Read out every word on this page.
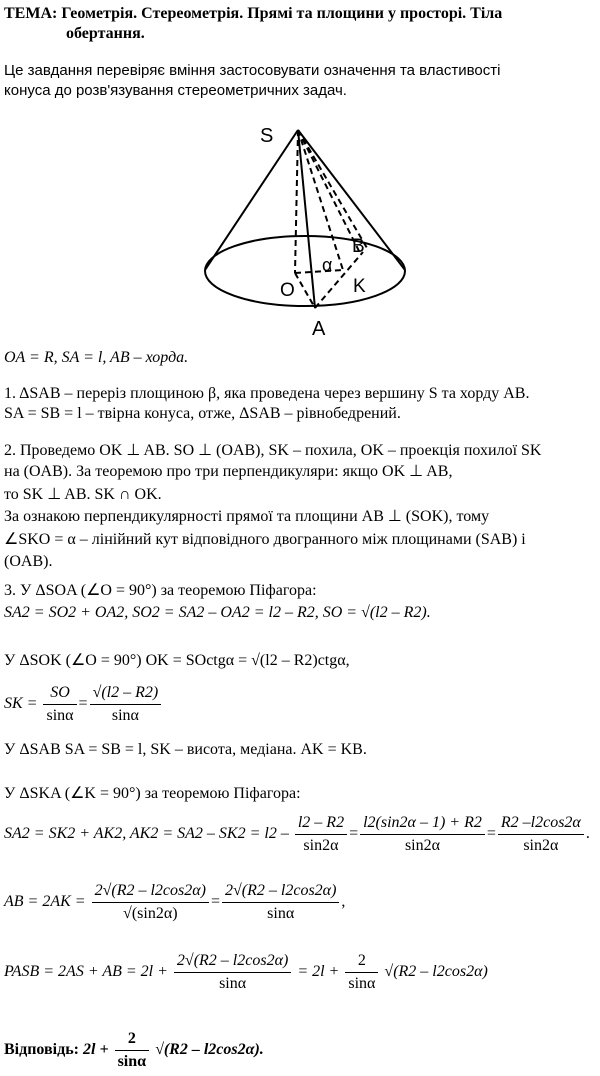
ТЕМА: Геометрія. Стереометрія. Прямі та площини у просторі. Тіла
обертання.
Це завдання перевіряє вміння застосовувати означення та властивості
конуса до розв'язування стереометричних задач.
S
B
α
O	K
A
OA = R, SA = l, AB – хорда.
1. ΔSAB – переріз площиною β, яка проведена через вершину S та хорду AB.
SA = SB = l – твірна конуса, отже, ΔSAB – рівнобедрений.
2. Проведемо OK ⊥ AB. SO ⊥ (OAB), SK – похила, OK – проекція похилої SK
на (OAB). За теоремою про три перпендикуляри: якщо OK ⊥ AB,
то SK ⊥ AB. SK ∩ OK.
За ознакою перпендикулярності прямої та площини AB ⊥ (SOK), тому
∠SKO = α – лінійний кут відповідного двогранного між площинами (SAB) і
(OAB).
3. У ΔSOA (∠O = 90°) за теоремою Піфагора:
SA2 = SO2 + OA2, SO2 = SA2 – OA2 = l2 – R2, SO = √(l2 – R2).
У ΔSOK (∠O = 90°) OK = SOctgα = √(l2 – R2)ctgα,
SK = $\frac{SO}{\sin\alpha} = \frac{√(l2 - R2)}{\sin\alpha}$
У ΔSAB SA = SB = l, SK – висота, медіана. AK = KB.
У ΔSKA (∠K = 90°) за теоремою Піфагора:
SA2 = SK2 + AK2, $AK2 = SA2 - SK2 = l2 - \frac{l2 - R2}{\sin 2\alpha} = \frac{l2(\sin 2\alpha - 1) + R2}{\sin 2\alpha} = \frac{R2 -l2\cos 2\alpha}{\sin 2\alpha}$ .
AB = $2AK = \frac{2√(R2 - l2\cos 2\alpha)}{√(\sin 2\alpha)} = \frac{2√(R2 - l2\cos 2\alpha)}{\sin\alpha}$ ,
PASB = 2AS + AB = $2l + \frac{2√(R2 - l2\cos 2\alpha)}{\sin\alpha} = 2l + \frac{2}{\sin\alpha} √(R2 - l2\cos 2\alpha)$
Відповідь: $2l + \frac{2}{\sin\alpha} √(R2 - l2\cos 2\alpha)$.
